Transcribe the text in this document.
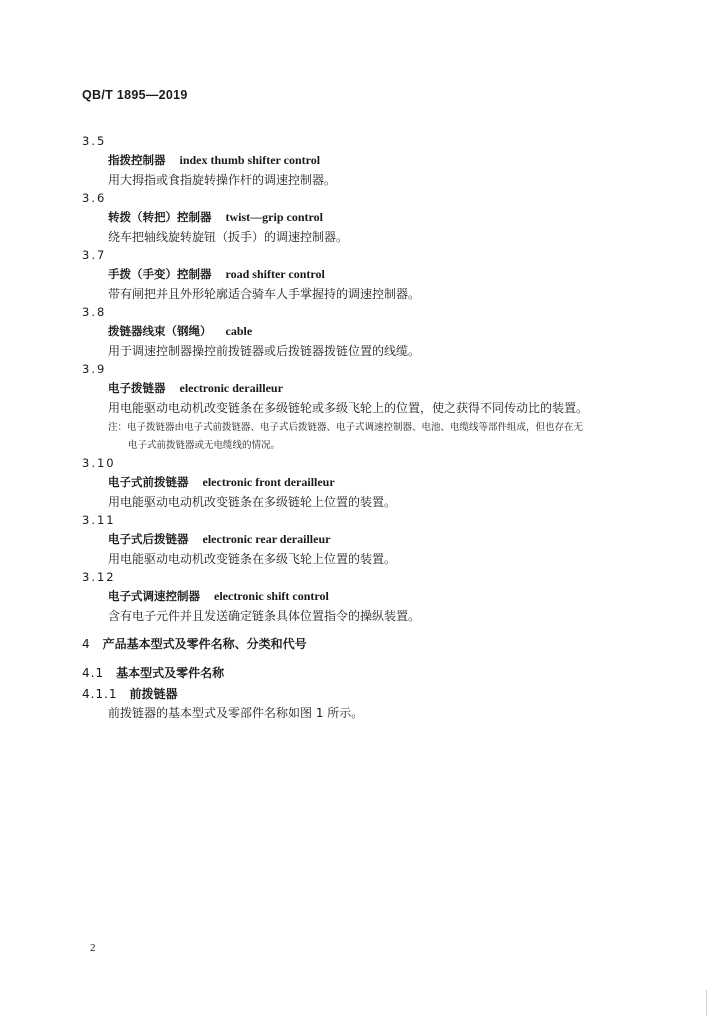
QB/T 1895—2019
3.5
指拨控制器 index thumb shifter control
用大拇指或食指旋转操作杆的调速控制器。
3.6
转拨（转把）控制器 twist—grip control
绕车把轴线旋转旋钮（扳手）的调速控制器。
3.7
手拨（手变）控制器 road shifter control
带有闸把并且外形轮廓适合骑车人手掌握持的调速控制器。
3.8
拨链器线束（钢绳） cable
用于调速控制器操控前拨链器或后拨链器拨链位置的线缆。
3.9
电子拨链器 electronic derailleur
用电能驱动电动机改变链条在多级链轮或多级飞轮上的位置，使之获得不同传动比的装置。
注：电子拨链器由电子式前拨链器、电子式后拨链器、电子式调速控制器、电池、电缆线等部件组成，但也存在无
电子式前拨链器或无电缆线的情况。
3.10
电子式前拨链器 electronic front derailleur
用电能驱动电动机改变链条在多级链轮上位置的装置。
3.11
电子式后拨链器 electronic rear derailleur
用电能驱动电动机改变链条在多级飞轮上位置的装置。
3.12
电子式调速控制器 electronic shift control
含有电子元件并且发送确定链条具体位置指令的操纵装置。
4 产品基本型式及零件名称、分类和代号
4.1 基本型式及零件名称
4.1.1 前拨链器
前拨链器的基本型式及零部件名称如图 1 所示。
2
